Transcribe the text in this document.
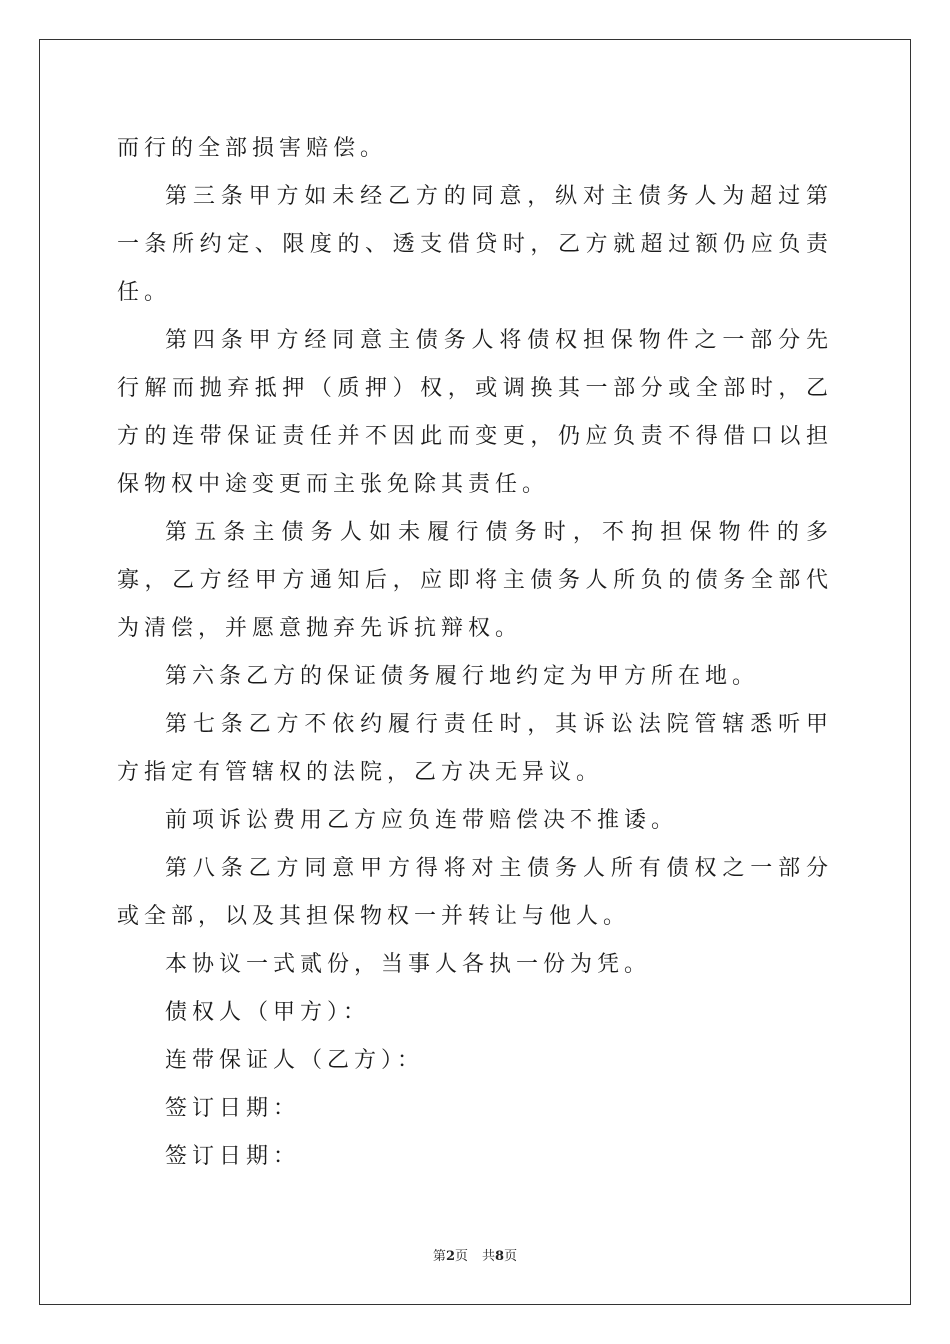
而行的全部损害赔偿。

第三条甲方如未经乙方的同意，纵对主债务人为超过第一条所约定、限度的、透支借贷时，乙方就超过额仍应负责任。

第四条甲方经同意主债务人将债权担保物件之一部分先行解而抛弃抵押（质押）权，或调换其一部分或全部时，乙方的连带保证责任并不因此而变更，仍应负责不得借口以担保物权中途变更而主张免除其责任。

第五条主债务人如未履行债务时，不拘担保物件的多寡，乙方经甲方通知后，应即将主债务人所负的债务全部代为清偿，并愿意抛弃先诉抗辩权。

第六条乙方的保证债务履行地约定为甲方所在地。

第七条乙方不依约履行责任时，其诉讼法院管辖悉听甲方指定有管辖权的法院，乙方决无异议。

前项诉讼费用乙方应负连带赔偿决不推诿。

第八条乙方同意甲方得将对主债务人所有债权之一部分或全部，以及其担保物权一并转让与他人。

本协议一式贰份，当事人各执一份为凭。

债权人（甲方）：

连带保证人（乙方）：

签订日期：

签订日期：

第2页 共8页
